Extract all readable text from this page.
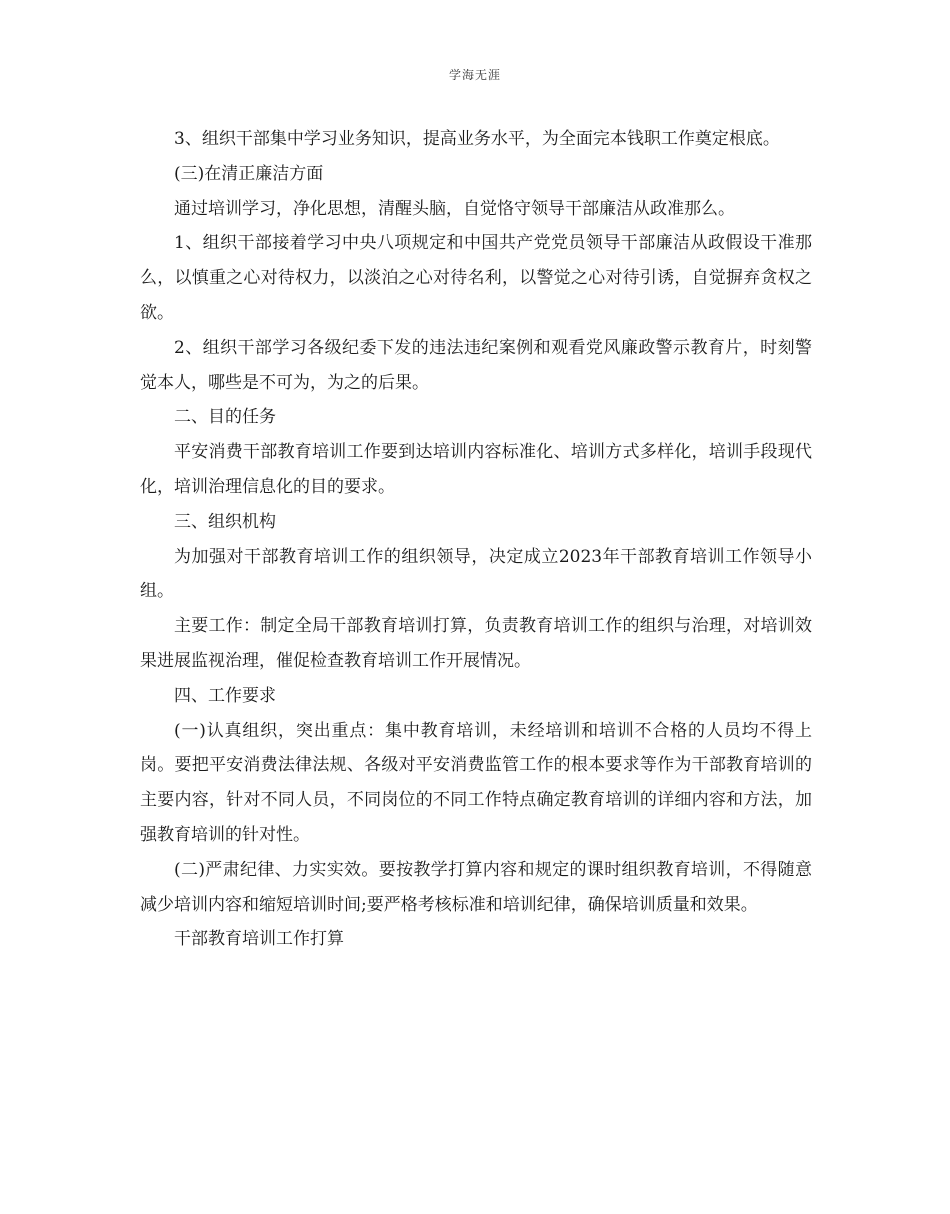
学海无涯

3、组织干部集中学习业务知识，提高业务水平，为全面完本钱职工作奠定根底。

(三)在清正廉洁方面

通过培训学习，净化思想，清醒头脑，自觉恪守领导干部廉洁从政准那么。

1、组织干部接着学习中央八项规定和中国共产党党员领导干部廉洁从政假设干准那么，以慎重之心对待权力，以淡泊之心对待名利，以警觉之心对待引诱，自觉摒弃贪权之欲。

2、组织干部学习各级纪委下发的违法违纪案例和观看党风廉政警示教育片，时刻警觉本人，哪些是不可为，为之的后果。

二、目的任务

平安消费干部教育培训工作要到达培训内容标准化、培训方式多样化，培训手段现代化，培训治理信息化的目的要求。

三、组织机构

为加强对干部教育培训工作的组织领导，决定成立2023年干部教育培训工作领导小组。

主要工作：制定全局干部教育培训打算，负责教育培训工作的组织与治理，对培训效果进展监视治理，催促检查教育培训工作开展情况。

四、工作要求

(一)认真组织，突出重点：集中教育培训，未经培训和培训不合格的人员均不得上岗。要把平安消费法律法规、各级对平安消费监管工作的根本要求等作为干部教育培训的主要内容，针对不同人员，不同岗位的不同工作特点确定教育培训的详细内容和方法，加强教育培训的针对性。

(二)严肃纪律、力实实效。要按教学打算内容和规定的课时组织教育培训，不得随意减少培训内容和缩短培训时间;要严格考核标准和培训纪律，确保培训质量和效果。

干部教育培训工作打算
